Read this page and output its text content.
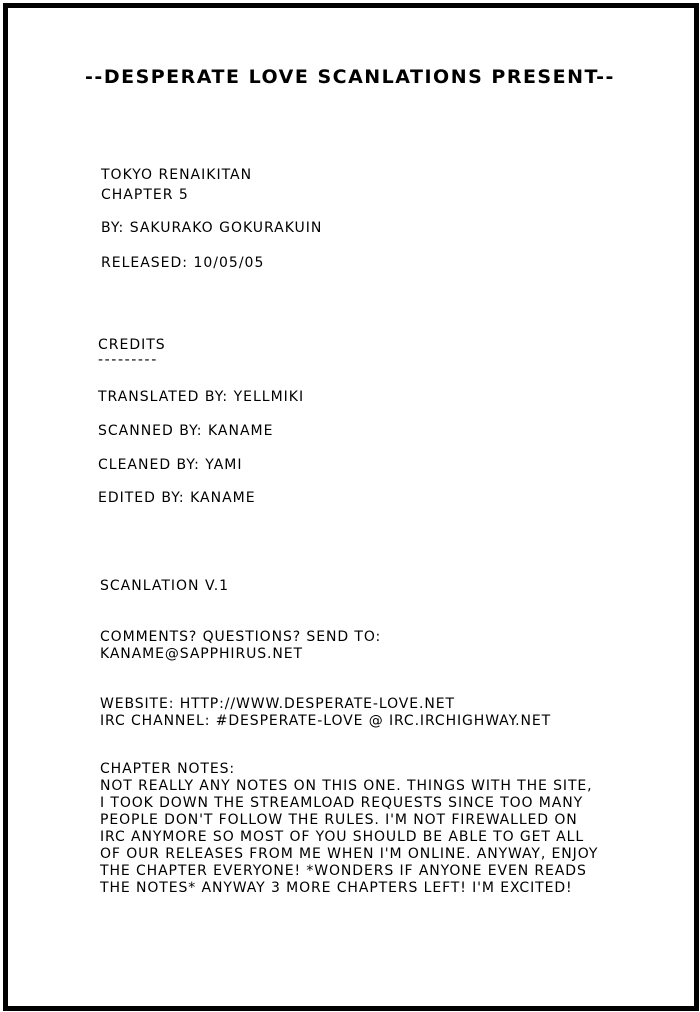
--DESPERATE LOVE SCANLATIONS PRESENT--
TOKYO RENAIKITAN
CHAPTER 5
BY: SAKURAKO GOKURAKUIN
RELEASED: 10/05/05
CREDITS
---------
TRANSLATED BY: YELLMIKI
SCANNED BY: KANAME
CLEANED BY: YAMI
EDITED BY: KANAME
SCANLATION V.1
COMMENTS? QUESTIONS? SEND TO:
KANAME@SAPPHIRUS.NET
WEBSITE: HTTP://WWW.DESPERATE-LOVE.NET
IRC CHANNEL: #DESPERATE-LOVE @ IRC.IRCHIGHWAY.NET
CHAPTER NOTES:
NOT REALLY ANY NOTES ON THIS ONE. THINGS WITH THE SITE,
I TOOK DOWN THE STREAMLOAD REQUESTS SINCE TOO MANY
PEOPLE DON'T FOLLOW THE RULES. I'M NOT FIREWALLED ON
IRC ANYMORE SO MOST OF YOU SHOULD BE ABLE TO GET ALL
OF OUR RELEASES FROM ME WHEN I'M ONLINE. ANYWAY, ENJOY
THE CHAPTER EVERYONE! *WONDERS IF ANYONE EVEN READS
THE NOTES* ANYWAY 3 MORE CHAPTERS LEFT! I'M EXCITED!
